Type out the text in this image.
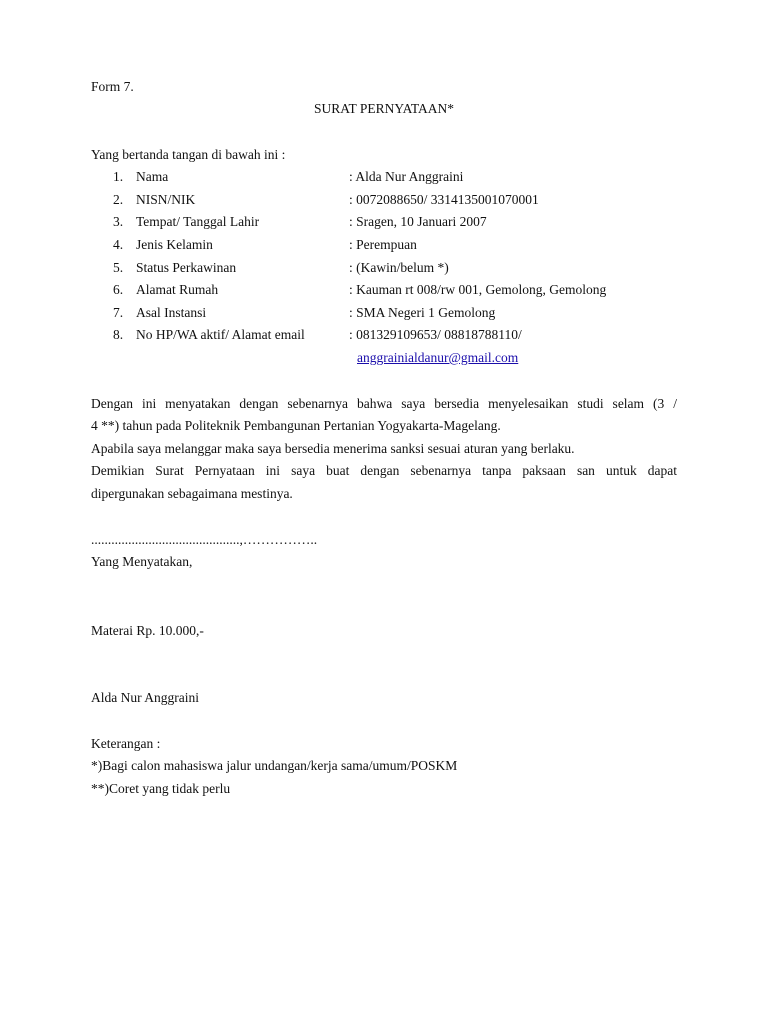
Form 7.
SURAT PERNYATAAN*
Yang bertanda tangan di bawah ini :
1. Nama	: Alda Nur Anggraini
2. NISN/NIK	: 0072088650/ 3314135001070001
3. Tempat/ Tanggal Lahir	: Sragen, 10 Januari 2007
4. Jenis Kelamin	: Perempuan
5. Status Perkawinan	: (Kawin/belum *)
6. Alamat Rumah	: Kauman rt 008/rw 001, Gemolong, Gemolong
7. Asal Instansi	: SMA Negeri 1 Gemolong
8. No HP/WA aktif/ Alamat email	: 081329109653/ 08818788110/
anggrainialdanur@gmail.com
Dengan ini menyatakan dengan sebenarnya bahwa saya bersedia menyelesaikan studi selam (3 /
4 **) tahun pada Politeknik Pembangunan Pertanian Yogyakarta-Magelang.
Apabila saya melanggar maka saya bersedia menerima sanksi sesuai aturan yang berlaku.
Demikian Surat Pernyataan ini saya buat dengan sebenarnya tanpa paksaan san untuk dapat
dipergunakan sebagaimana mestinya.
............................................,……………..
Yang Menyatakan,
Materai Rp. 10.000,-
Alda Nur Anggraini
Keterangan :
*)Bagi calon mahasiswa jalur undangan/kerja sama/umum/POSKM
**)Coret yang tidak perlu
